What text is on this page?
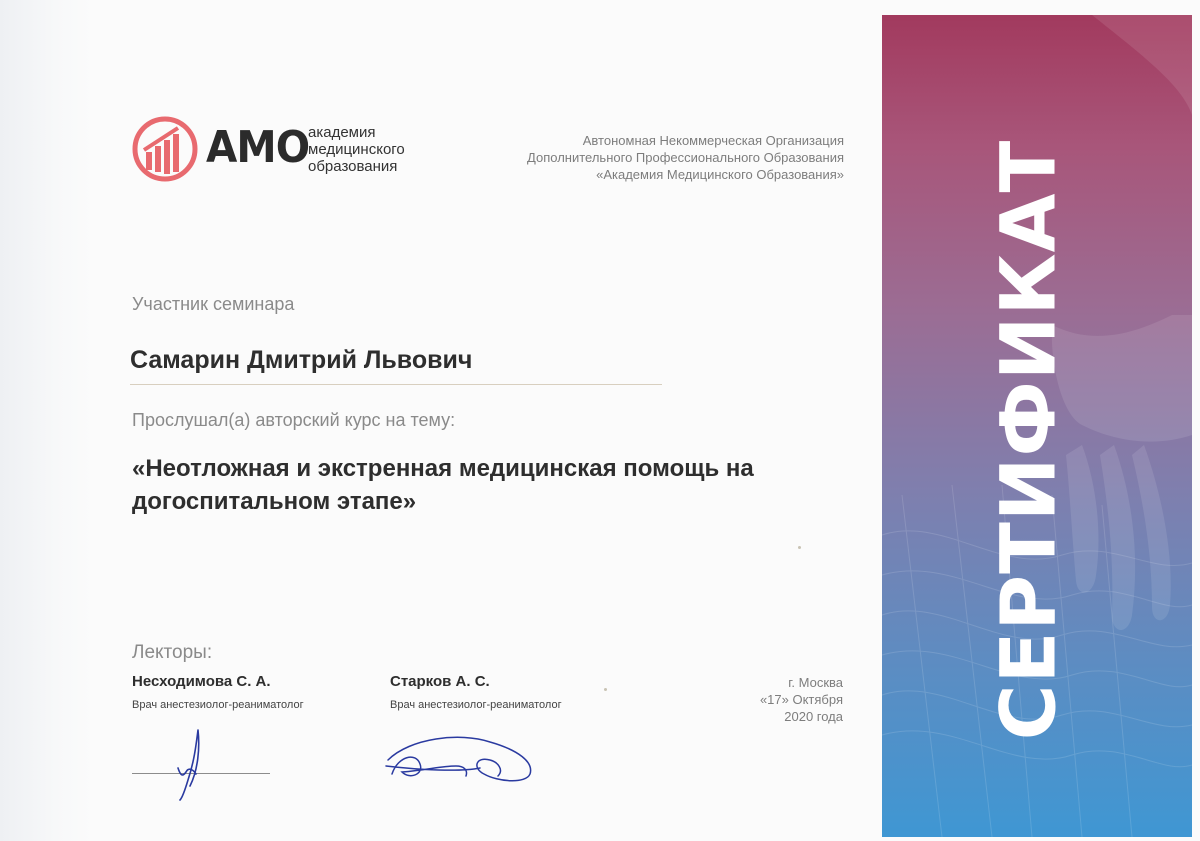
АМО
академия
медицинского
образования
Автономная Некоммерческая Организация
Дополнительного Профессионального Образования
«Академия Медицинского Образования»
Участник семинара
Самарин Дмитрий Львович
Прослушал(а) авторский курс на тему:
«Неотложная и экстренная медицинская помощь на догоспитальном этапе»
Лекторы:
Несходимова С. А.
Врач анестезиолог-реаниматолог
Старков А. С.
Врач анестезиолог-реаниматолог
г. Москва
«17» Октября
2020 года СЕРТИФИКАТ
